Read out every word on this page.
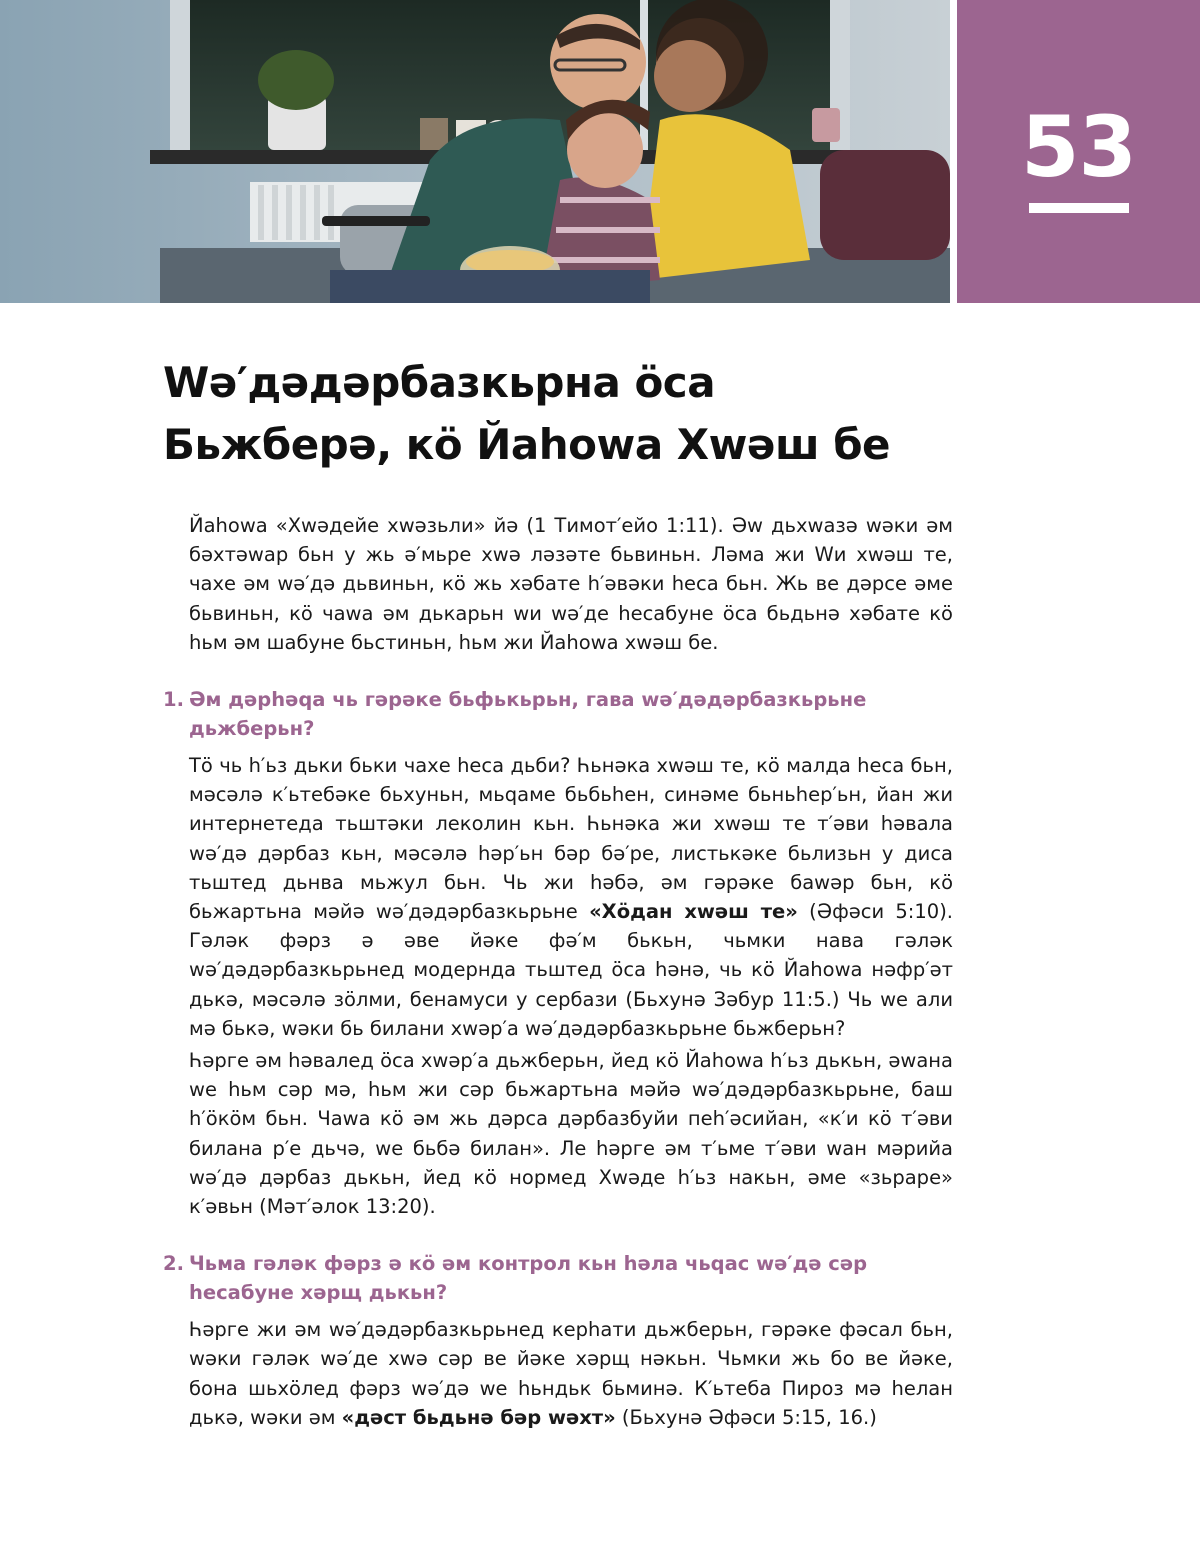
53
Wə′дəдəрбазкьрна öса
Бьжберə, кö Йаhowa Хwəш бе

Йаhowa «Хwəдейе хwəзьли» йə (1 Тимот′ейо 1:11). Əw дьхwазə wəки əм бəхтəwар бьн у жь ə′мьре хwə лəзəте бьвиньн. Лəма жи Wи хwəш те, чахе əм wə′дə дьвиньн, кö жь хəбате h′əвəки hеса бьн. Жь ве дəрсе əме бьвиньн, кö чаwa əм дькарьн wи wə′де hесабуне öса бьдьнə хəбате кö hьм əм шабуне бьстиньн, hьм жи Йаhowa хwəш бе.

1. Əм дəрhəqа чь гəрəке бьфькьрьн, гава wə′дəдəрбазкьрьне дьжберьн?

Тö чь h′ьз дьки бьки чахе hеса дьби? Һьнəка хwəш те, кö малда hеса бьн, мəсəлə к′ьтебəке бьхуньн, мьqаме бьбьhен, синəме бьньhер′ьн, йан жи интернетеда тьштəки леколин кьн. Һьнəка жи хwəш те т′əви həвала wə′дə дəрбаз кьн, мəсəлə həр′ьн бəр бə′ре, листькəке бьлизьн у диса тьштед дьнва мьжул бьн. Чь жи həбə, əм гəрəке баwəр бьн, кö бьжартьна мəйə wə′дəдəрбазкьрьне «Хöдан хwəш те» (Əфəси 5:10). Гəлəк фəрз ə əве йəке фə′м бькьн, чьмки нава гəлəк wə′дəдəрбазкьрьнед модернда тьштед öса həнə, чь кö Йаhowa нəфр′əт дькə, мəсəлə зöлми, бенамуси у сербази (Бьхунə Зəбур 11:5.) Чь we али мə бькə, wəки бь билани хwəр′а wə′дəдəрбазкьрьне бьжберьн?

Һəрге əм həвалед öса хwəр′а дьжберьн, йед кö Йаhowa h′ьз дькьн, əwана we hьм сəр мə, hьм жи сəр бьжартьна мəйə wə′дəдəрбазкьрьне, баш h′öкöм бьн. Чаwa кö əм жь дəрса дəрбазбуйи пеh′əсийан, «к′и кö т′əви билана р′е дьчə, we бьбə билан». Ле həрге əм т′ьме т′əви wан мəрийа wə′дə дəрбаз дькьн, йед кö нормед Хwəде h′ьз накьн, əме «зьраре» к′əвьн (Мəт′əлок 13:20).

2. Чьма гəлəк фəрз ə кö əм контрол кьн həла чьqас wə′дə сəр hесабуне хəрщ дькьн?

Һəрге жи əм wə′дəдəрбазкьрьнед керhати дьжберьн, гəрəке фəсал бьн, wəки гəлəк wə′де хwə сəр ве йəке хəрщ нəкьн. Чьмки жь бо ве йəке, бона шьхöлед фəрз wə′дə we hьндьк бьминə. К′ьтеба Пироз мə hелан дькə, wəки əм «дəст бьдьнə бəр wəхт» (Бьхунə Əфəси 5:15, 16.)
